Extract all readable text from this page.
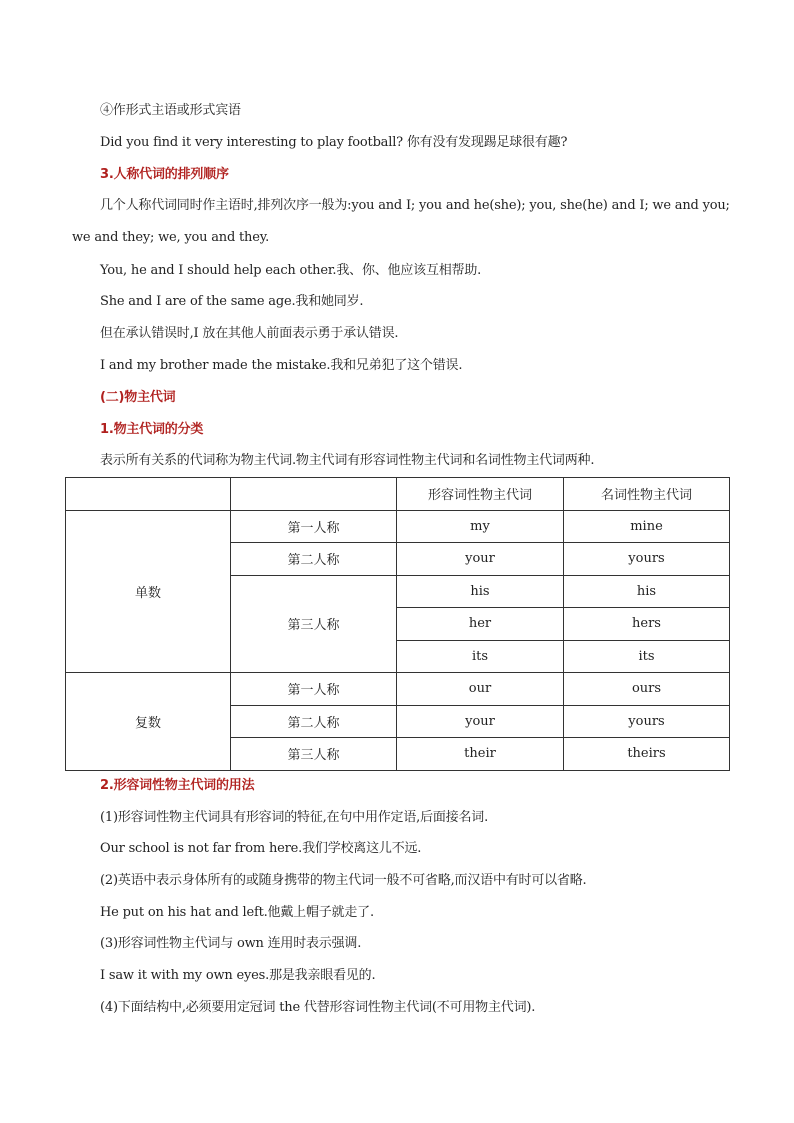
④作形式主语或形式宾语
Did you find it very interesting to play football? 你有没有发现踢足球很有趣?
3.人称代词的排列顺序
几个人称代词同时作主语时,排列次序一般为:you and I; you and he(she); you, she(he) and I; we and you; we and they; we, you and they.
You, he and I should help each other.我、你、他应该互相帮助.
She and I are of the same age.我和她同岁.
但在承认错误时,I 放在其他人前面表示勇于承认错误.
I and my brother made the mistake.我和兄弟犯了这个错误.
(二)物主代词
1.物主代词的分类
表示所有关系的代词称为物主代词.物主代词有形容词性物主代词和名词性物主代词两种.
		形容词性物主代词	名词性物主代词
单数	第一人称	my	mine
	第二人称	your	yours
	第三人称	his	his
		her	hers
		its	its
复数	第一人称	our	ours
	第二人称	your	yours
	第三人称	their	theirs
2.形容词性物主代词的用法
(1)形容词性物主代词具有形容词的特征,在句中用作定语,后面接名词.
Our school is not far from here.我们学校离这儿不远.
(2)英语中表示身体所有的或随身携带的物主代词一般不可省略,而汉语中有时可以省略.
He put on his hat and left.他戴上帽子就走了.
(3)形容词性物主代词与 own 连用时表示强调.
I saw it with my own eyes.那是我亲眼看见的.
(4)下面结构中,必须要用定冠词 the 代替形容词性物主代词(不可用物主代词).
